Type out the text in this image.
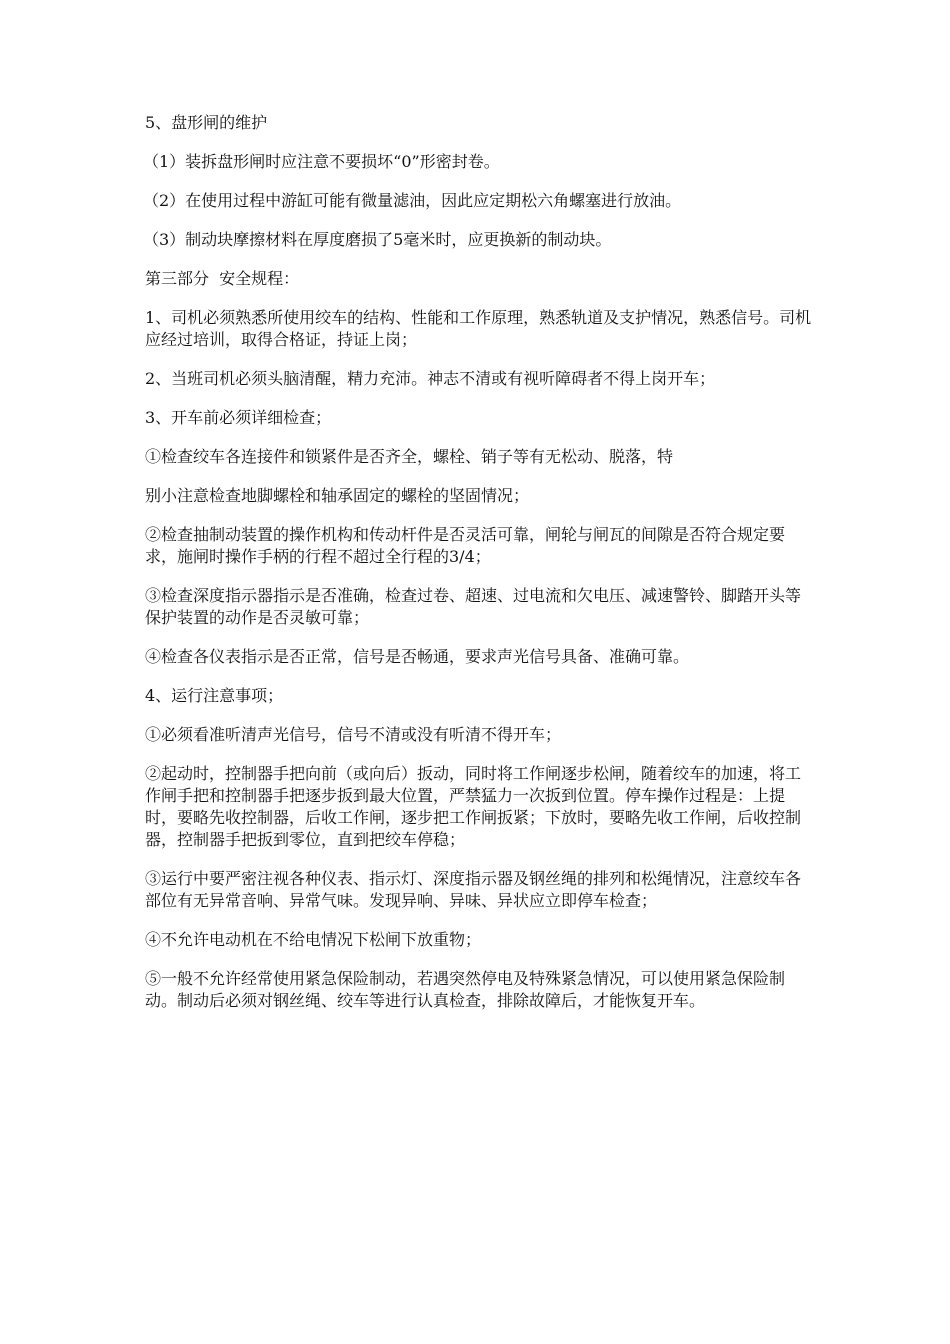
5、盘形闸的维护

（1）装拆盘形闸时应注意不要损坏“0”形密封卷。

（2）在使用过程中游缸可能有微量滤油，因此应定期松六角螺塞进行放油。

（3）制动块摩擦材料在厚度磨损了5毫米时，应更换新的制动块。

第三部分  安全规程：

1、司机必须熟悉所使用绞车的结构、性能和工作原理，熟悉轨道及支护情况，熟悉信号。司机应经过培训，取得合格证，持证上岗；

2、当班司机必须头脑清醒，精力充沛。神志不清或有视听障碍者不得上岗开车；

3、开车前必须详细检查；

①检查绞车各连接件和锁紧件是否齐全，螺栓、销子等有无松动、脱落，特

别小注意检查地脚螺栓和轴承固定的螺栓的坚固情况；

②检查抽制动装置的操作机构和传动杆件是否灵活可靠，闸轮与闸瓦的间隙是否符合规定要求，施闸时操作手柄的行程不超过全行程的3/4；

③检查深度指示器指示是否准确，检查过卷、超速、过电流和欠电压、减速警铃、脚踏开头等保护装置的动作是否灵敏可靠；

④检查各仪表指示是否正常，信号是否畅通，要求声光信号具备、准确可靠。

4、运行注意事项；

①必须看准听清声光信号，信号不清或没有听清不得开车；

②起动时，控制器手把向前（或向后）扳动，同时将工作闸逐步松闸，随着绞车的加速，将工作闸手把和控制器手把逐步扳到最大位置，严禁猛力一次扳到位置。停车操作过程是：上提时，要略先收控制器，后收工作闸，逐步把工作闸扳紧；下放时，要略先收工作闸，后收控制器，控制器手把扳到零位，直到把绞车停稳；

③运行中要严密注视各种仪表、指示灯、深度指示器及钢丝绳的排列和松绳情况，注意绞车各部位有无异常音响、异常气味。发现异响、异味、异状应立即停车检查；

④不允许电动机在不给电情况下松闸下放重物；

⑤一般不允许经常使用紧急保险制动，若遇突然停电及特殊紧急情况，可以使用紧急保险制动。制动后必须对钢丝绳、绞车等进行认真检查，排除故障后，才能恢复开车。
